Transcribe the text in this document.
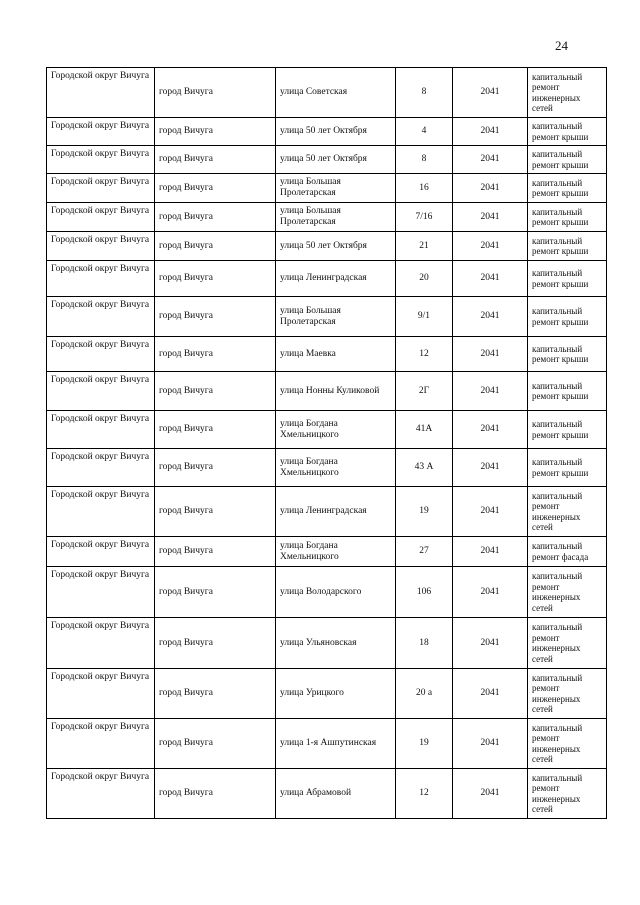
24
Городской округ Вичуга	город Вичуга	улица Советская	8	2041	капитальный ремонт инженерных сетей
Городской округ Вичуга	город Вичуга	улица 50 лет Октября	4	2041	капитальный ремонт крыши
Городской округ Вичуга	город Вичуга	улица 50 лет Октября	8	2041	капитальный ремонт крыши
Городской округ Вичуга	город Вичуга	улица Большая Пролетарская	16	2041	капитальный ремонт крыши
Городской округ Вичуга	город Вичуга	улица Большая Пролетарская	7/16	2041	капитальный ремонт крыши
Городской округ Вичуга	город Вичуга	улица 50 лет Октября	21	2041	капитальный ремонт крыши
Городской округ Вичуга	город Вичуга	улица Ленинградская	20	2041	капитальный ремонт крыши
Городской округ Вичуга	город Вичуга	улица Большая Пролетарская	9/1	2041	капитальный ремонт крыши
Городской округ Вичуга	город Вичуга	улица Маевка	12	2041	капитальный ремонт крыши
Городской округ Вичуга	город Вичуга	улица Нонны Куликовой	2Г	2041	капитальный ремонт крыши
Городской округ Вичуга	город Вичуга	улица Богдана Хмельницкого	41А	2041	капитальный ремонт крыши
Городской округ Вичуга	город Вичуга	улица Богдана Хмельницкого	43 А	2041	капитальный ремонт крыши
Городской округ Вичуга	город Вичуга	улица Ленинградская	19	2041	капитальный ремонт инженерных сетей
Городской округ Вичуга	город Вичуга	улица Богдана Хмельницкого	27	2041	капитальный ремонт фасада
Городской округ Вичуга	город Вичуга	улица Володарского	106	2041	капитальный ремонт инженерных сетей
Городской округ Вичуга	город Вичуга	улица Ульяновская	18	2041	капитальный ремонт инженерных сетей
Городской округ Вичуга	город Вичуга	улица Урицкого	20 а	2041	капитальный ремонт инженерных сетей
Городской округ Вичуга	город Вичуга	улица 1-я Ашпутинская	19	2041	капитальный ремонт инженерных сетей
Городской округ Вичуга	город Вичуга	улица Абрамовой	12	2041	капитальный ремонт инженерных сетей
